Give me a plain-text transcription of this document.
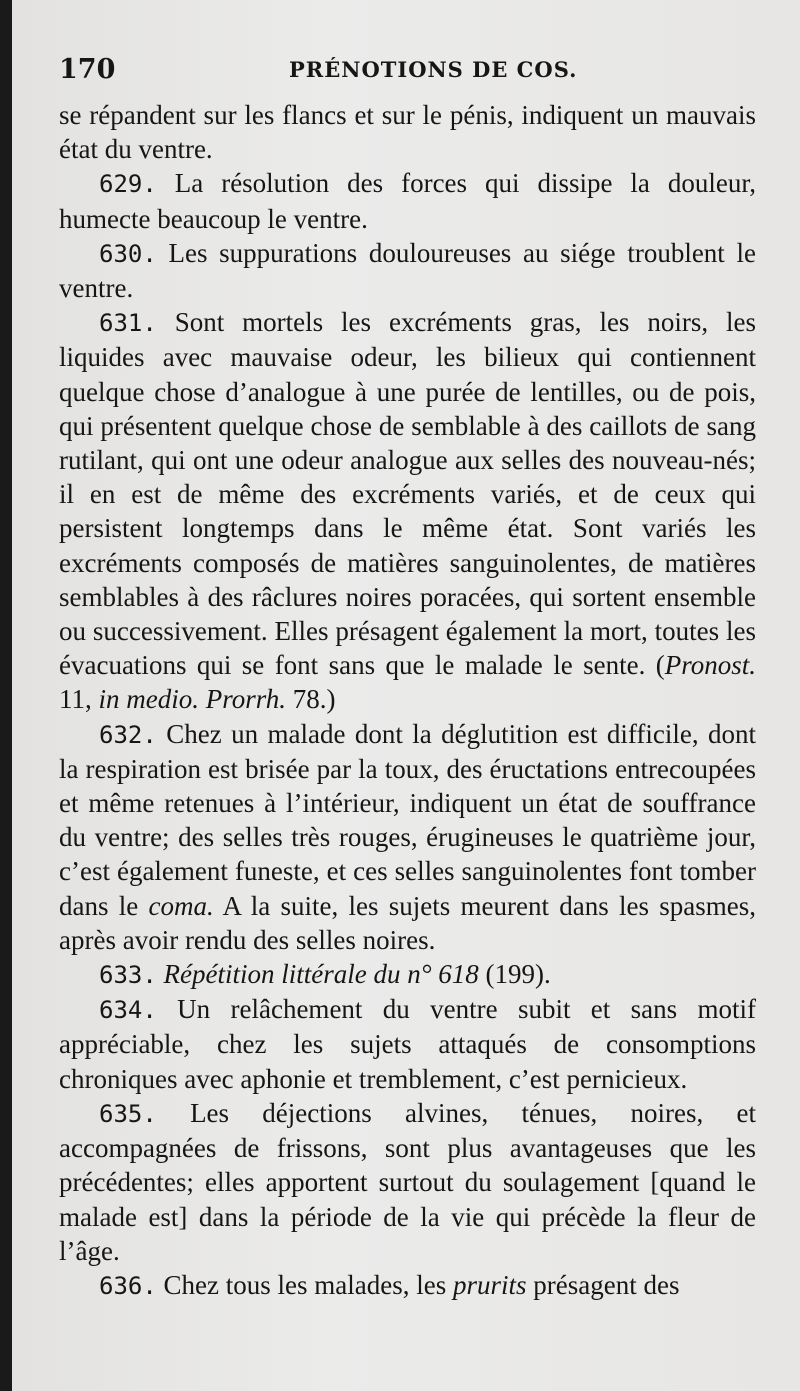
170	PRÉNOTIONS DE COS.

se répandent sur les flancs et sur le pénis, indiquent un mauvais état du ventre.

629. La résolution des forces qui dissipe la douleur, humecte beaucoup le ventre.

630. Les suppurations douloureuses au siége troublent le ventre.

631. Sont mortels les excréments gras, les noirs, les liquides avec mauvaise odeur, les bilieux qui contiennent quelque chose d’analogue à une purée de lentilles, ou de pois, qui présentent quelque chose de semblable à des caillots de sang rutilant, qui ont une odeur analogue aux selles des nouveau-nés; il en est de même des excréments variés, et de ceux qui persistent longtemps dans le même état. Sont variés les excréments composés de matières sanguinolentes, de matières semblables à des râclures noires poracées, qui sortent ensemble ou successivement. Elles présagent également la mort, toutes les évacuations qui se font sans que le malade le sente. (Pronost. 11, in medio. Prorrh. 78.)

632. Chez un malade dont la déglutition est difficile, dont la respiration est brisée par la toux, des éructations entrecoupées et même retenues à l’intérieur, indiquent un état de souffrance du ventre; des selles très rouges, érugineuses le quatrième jour, c’est également funeste, et ces selles sanguinolentes font tomber dans le coma. A la suite, les sujets meurent dans les spasmes, après avoir rendu des selles noires.

633. Répétition littérale du n° 618 (199).

634. Un relâchement du ventre subit et sans motif appréciable, chez les sujets attaqués de consomptions chroniques avec aphonie et tremblement, c’est pernicieux.

635. Les déjections alvines, ténues, noires, et accompagnées de frissons, sont plus avantageuses que les précédentes; elles apportent surtout du soulagement [quand le malade est] dans la période de la vie qui précède la fleur de l’âge.

636. Chez tous les malades, les prurits présagent des
